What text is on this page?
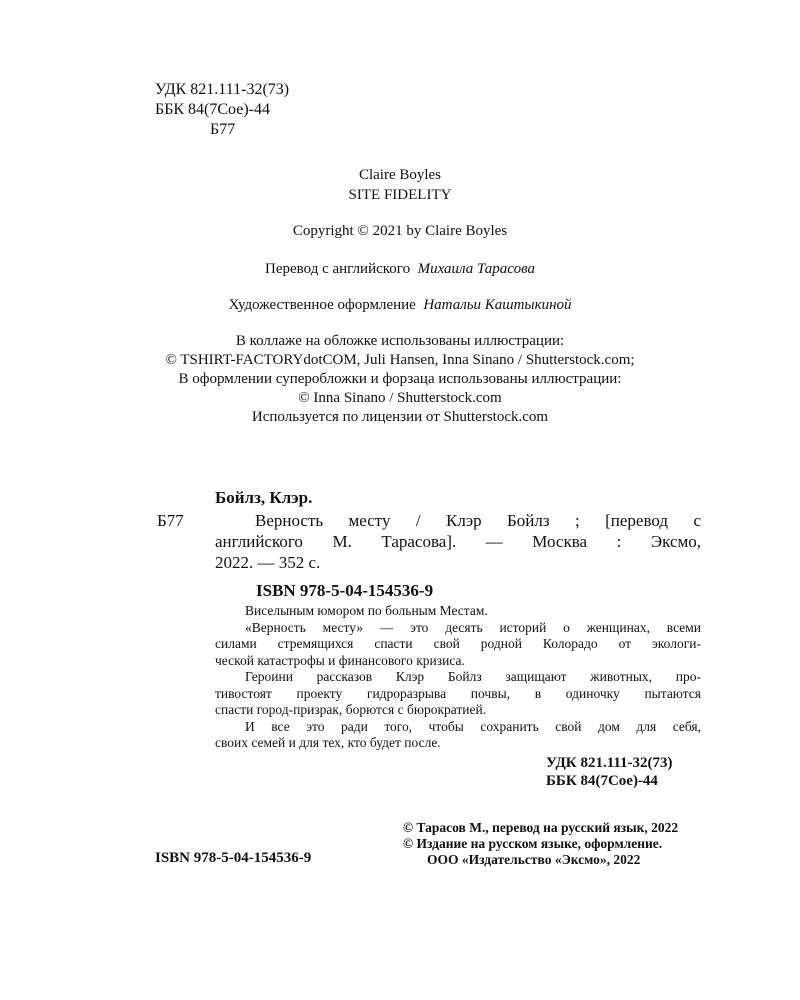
УДК 821.111-32(73)
ББК 84(7Сое)-44
Б77
Claire Boyles
SITE FIDELITY
Copyright © 2021 by Claire Boyles
Перевод с английского Михаила Тарасова
Художественное оформление Натальи Каштыкиной
В коллаже на обложке использованы иллюстрации:
© TSHIRT-FACTORYdotCOM, Juli Hansen, Inna Sinano / Shutterstock.com;
В оформлении суперобложки и форзаца использованы иллюстрации:
© Inna Sinano / Shutterstock.com
Используется по лицензии от Shutterstock.com
Бойлз, Клэр.
Б77	Верность месту / Клэр Бойлз ; [перевод с
английского М. Тарасова]. — Москва : Эксмо,
2022. — 352 с.
ISBN 978-5-04-154536-9
Виселыным юмором по больным Местам.
«Верность месту» — это десять историй о женщинах, всеми
силами стремящихся спасти свой родной Колорадо от экологи-
ческой катастрофы и финансового кризиса.
Героини рассказов Клэр Бойлз защищают животных, про-
тивостоят проекту гидроразрыва почвы, в одиночку пытаются
спасти город-призрак, борются с бюрократией.
И все это ради того, чтобы сохранить свой дом для себя,
своих семей и для тех, кто будет после.
УДК 821.111-32(73)
ББК 84(7Сое)-44
ISBN 978-5-04-154536-9
© Тарасов М., перевод на русский язык, 2022
© Издание на русском языке, оформление.
ООО «Издательство «Эксмо», 2022
